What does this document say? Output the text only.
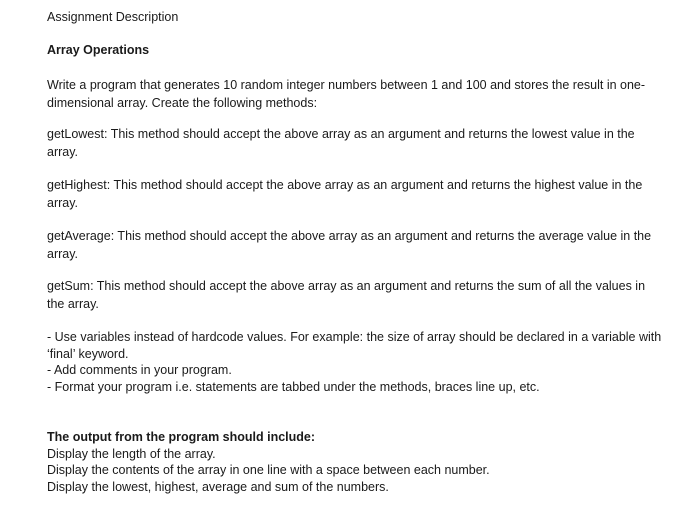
Assignment Description
Array Operations
Write a program that generates 10 random integer numbers between 1 and 100 and stores the result in one-
dimensional array. Create the following methods:
getLowest: This method should accept the above array as an argument and returns the lowest value in the
array.
getHighest: This method should accept the above array as an argument and returns the highest value in the
array.
getAverage: This method should accept the above array as an argument and returns the average value in the
array.
getSum: This method should accept the above array as an argument and returns the sum of all the values in
the array.
- Use variables instead of hardcode values. For example: the size of array should be declared in a variable with
‘final’ keyword.
- Add comments in your program.
- Format your program i.e. statements are tabbed under the methods, braces line up, etc.
The output from the program should include:
Display the length of the array.
Display the contents of the array in one line with a space between each number.
Display the lowest, highest, average and sum of the numbers.
